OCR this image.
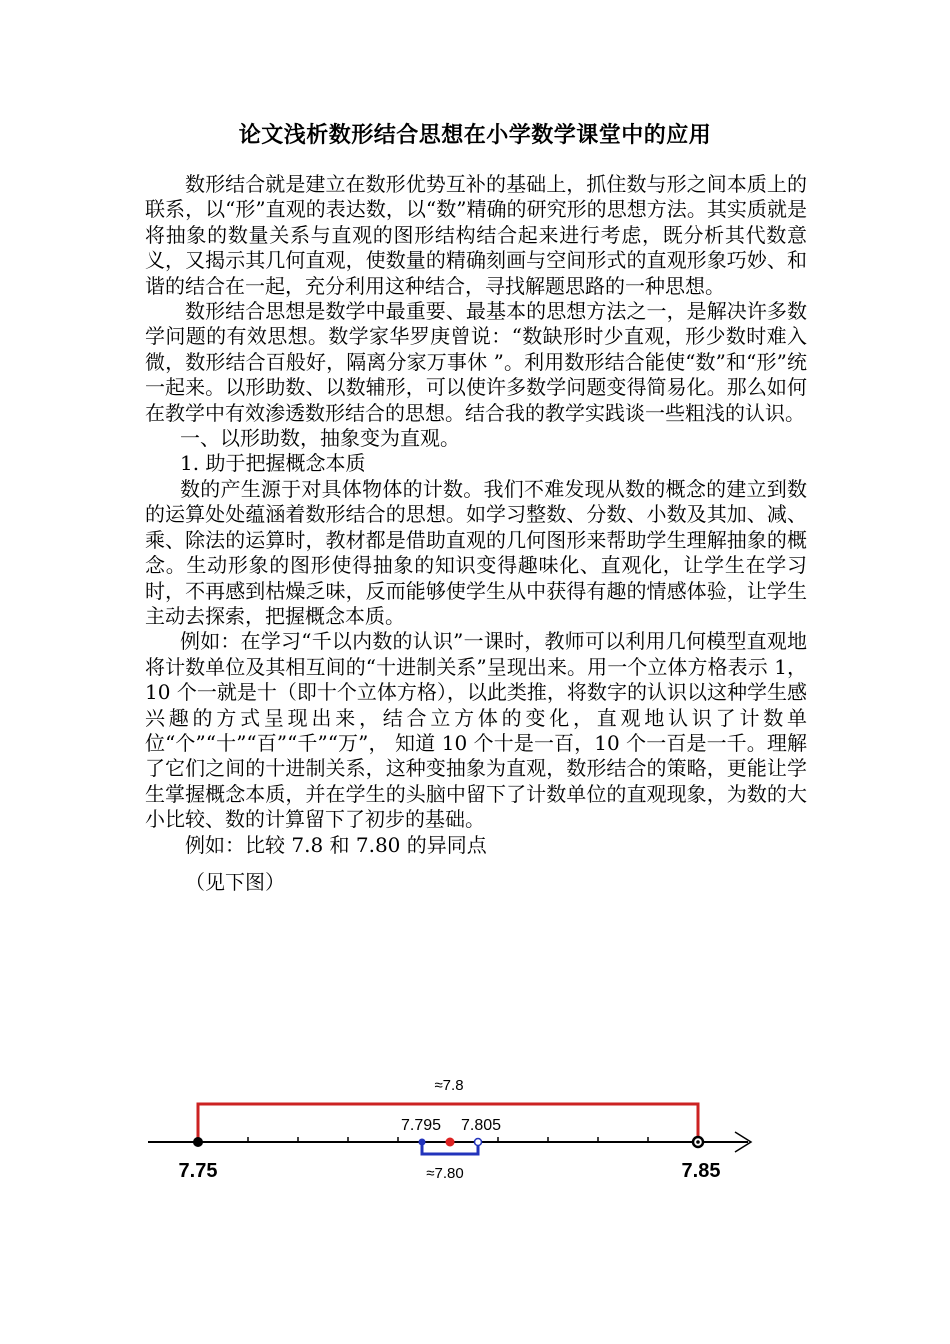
论文浅析数形结合思想在小学数学课堂中的应用

数形结合就是建立在数形优势互补的基础上，抓住数与形之间本质上的联系，以“形”直观的表达数，以“数”精确的研究形的思想方法。其实质就是将抽象的数量关系与直观的图形结构结合起来进行考虑，既分析其代数意义，又揭示其几何直观，使数量的精确刻画与空间形式的直观形象巧妙、和谐的结合在一起，充分利用这种结合，寻找解题思路的一种思想。

数形结合思想是数学中最重要、最基本的思想方法之一，是解决许多数学问题的有效思想。数学家华罗庚曾说：“数缺形时少直观，形少数时难入微，数形结合百般好，隔离分家万事休 ”。利用数形结合能使“数”和“形”统一起来。以形助数、以数辅形，可以使许多数学问题变得简易化。那么如何在教学中有效渗透数形结合的思想。结合我的教学实践谈一些粗浅的认识。

一、以形助数，抽象变为直观。

1. 助于把握概念本质

数的产生源于对具体物体的计数。我们不难发现从数的概念的建立到数的运算处处蕴涵着数形结合的思想。如学习整数、分数、小数及其加、减、乘、除法的运算时，教材都是借助直观的几何图形来帮助学生理解抽象的概念。生动形象的图形使得抽象的知识变得趣味化、直观化，让学生在学习时，不再感到枯燥乏味，反而能够使学生从中获得有趣的情感体验，让学生主动去探索，把握概念本质。

例如：在学习“千以内数的认识”一课时，教师可以利用几何模型直观地将计数单位及其相互间的“十进制关系”呈现出来。用一个立体方格表示 1，10 个一就是十（即十个立体方格），以此类推，将数字的认识以这种学生感兴趣的方式呈现出来，结合立方体的变化，直观地认识了计数单位“个”“十”“百”“千”“万”， 知道 10 个十是一百，10 个一百是一千。理解了它们之间的十进制关系，这种变抽象为直观，数形结合的策略，更能让学生掌握概念本质，并在学生的头脑中留下了计数单位的直观现象，为数的大小比较、数的计算留下了初步的基础。

例如：比较 7.8 和 7.80 的异同点

（见下图）

≈7.8
7.795 7.805
≈7.80
7.75	7.85
